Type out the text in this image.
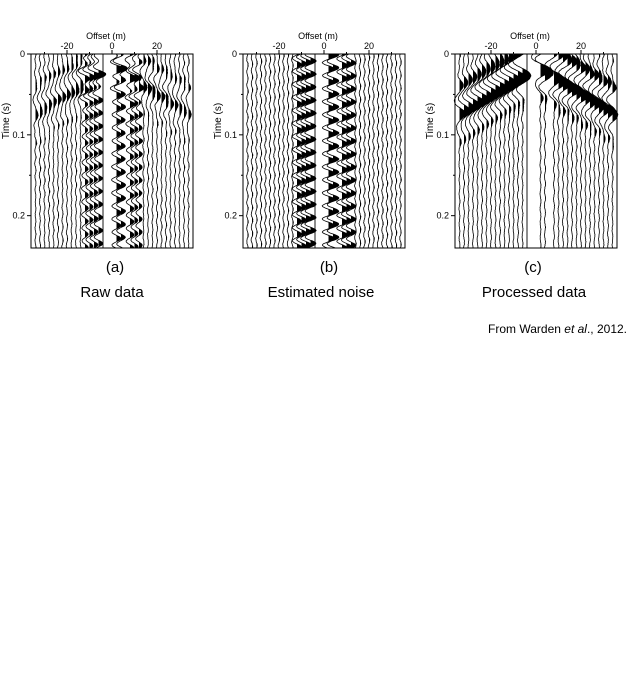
Offset (m)
Time (s)
-20	0	20
0
0.1
0.2
(a)
Raw data
Offset (m)
Time (s)
-20	0	20
0
0.1
0.2
(b)
Estimated noise
Offset (m)
Time (s)
-20	0	20
0
0.1
0.2
(c)
Processed data
From Warden et al., 2012.
